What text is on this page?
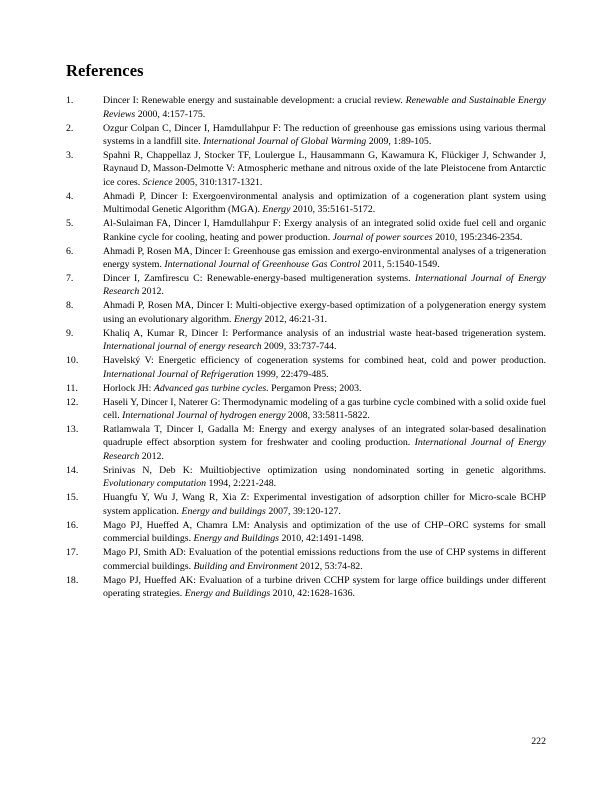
References
1.	Dincer I: Renewable energy and sustainable development: a crucial review. Renewable and Sustainable Energy Reviews 2000, 4:157-175.
2.	Ozgur Colpan C, Dincer I, Hamdullahpur F: The reduction of greenhouse gas emissions using various thermal systems in a landfill site. International Journal of Global Warming 2009, 1:89-105.
3.	Spahni R, Chappellaz J, Stocker TF, Loulergue L, Hausammann G, Kawamura K, Flückiger J, Schwander J, Raynaud D, Masson-Delmotte V: Atmospheric methane and nitrous oxide of the late Pleistocene from Antarctic ice cores. Science 2005, 310:1317-1321.
4.	Ahmadi P, Dincer I: Exergoenvironmental analysis and optimization of a cogeneration plant system using Multimodal Genetic Algorithm (MGA). Energy 2010, 35:5161-5172.
5.	Al-Sulaiman FA, Dincer I, Hamdullahpur F: Exergy analysis of an integrated solid oxide fuel cell and organic Rankine cycle for cooling, heating and power production. Journal of power sources 2010, 195:2346-2354.
6.	Ahmadi P, Rosen MA, Dincer I: Greenhouse gas emission and exergo-environmental analyses of a trigeneration energy system. International Journal of Greenhouse Gas Control 2011, 5:1540-1549.
7.	Dincer I, Zamfirescu C: Renewable-energy-based multigeneration systems. International Journal of Energy Research 2012.
8.	Ahmadi P, Rosen MA, Dincer I: Multi-objective exergy-based optimization of a polygeneration energy system using an evolutionary algorithm. Energy 2012, 46:21-31.
9.	Khaliq A, Kumar R, Dincer I: Performance analysis of an industrial waste heat-based trigeneration system. International journal of energy research 2009, 33:737-744.
10.	Havelský V: Energetic efficiency of cogeneration systems for combined heat, cold and power production. International Journal of Refrigeration 1999, 22:479-485.
11.	Horlock JH: Advanced gas turbine cycles. Pergamon Press; 2003.
12.	Haseli Y, Dincer I, Naterer G: Thermodynamic modeling of a gas turbine cycle combined with a solid oxide fuel cell. International Journal of hydrogen energy 2008, 33:5811-5822.
13.	Ratlamwala T, Dincer I, Gadalla M: Energy and exergy analyses of an integrated solar-based desalination quadruple effect absorption system for freshwater and cooling production. International Journal of Energy Research 2012.
14.	Srinivas N, Deb K: Muiltiobjective optimization using nondominated sorting in genetic algorithms. Evolutionary computation 1994, 2:221-248.
15.	Huangfu Y, Wu J, Wang R, Xia Z: Experimental investigation of adsorption chiller for Micro-scale BCHP system application. Energy and buildings 2007, 39:120-127.
16.	Mago PJ, Hueffed A, Chamra LM: Analysis and optimization of the use of CHP–ORC systems for small commercial buildings. Energy and Buildings 2010, 42:1491-1498.
17.	Mago PJ, Smith AD: Evaluation of the potential emissions reductions from the use of CHP systems in different commercial buildings. Building and Environment 2012, 53:74-82.
18.	Mago PJ, Hueffed AK: Evaluation of a turbine driven CCHP system for large office buildings under different operating strategies. Energy and Buildings 2010, 42:1628-1636.
222
